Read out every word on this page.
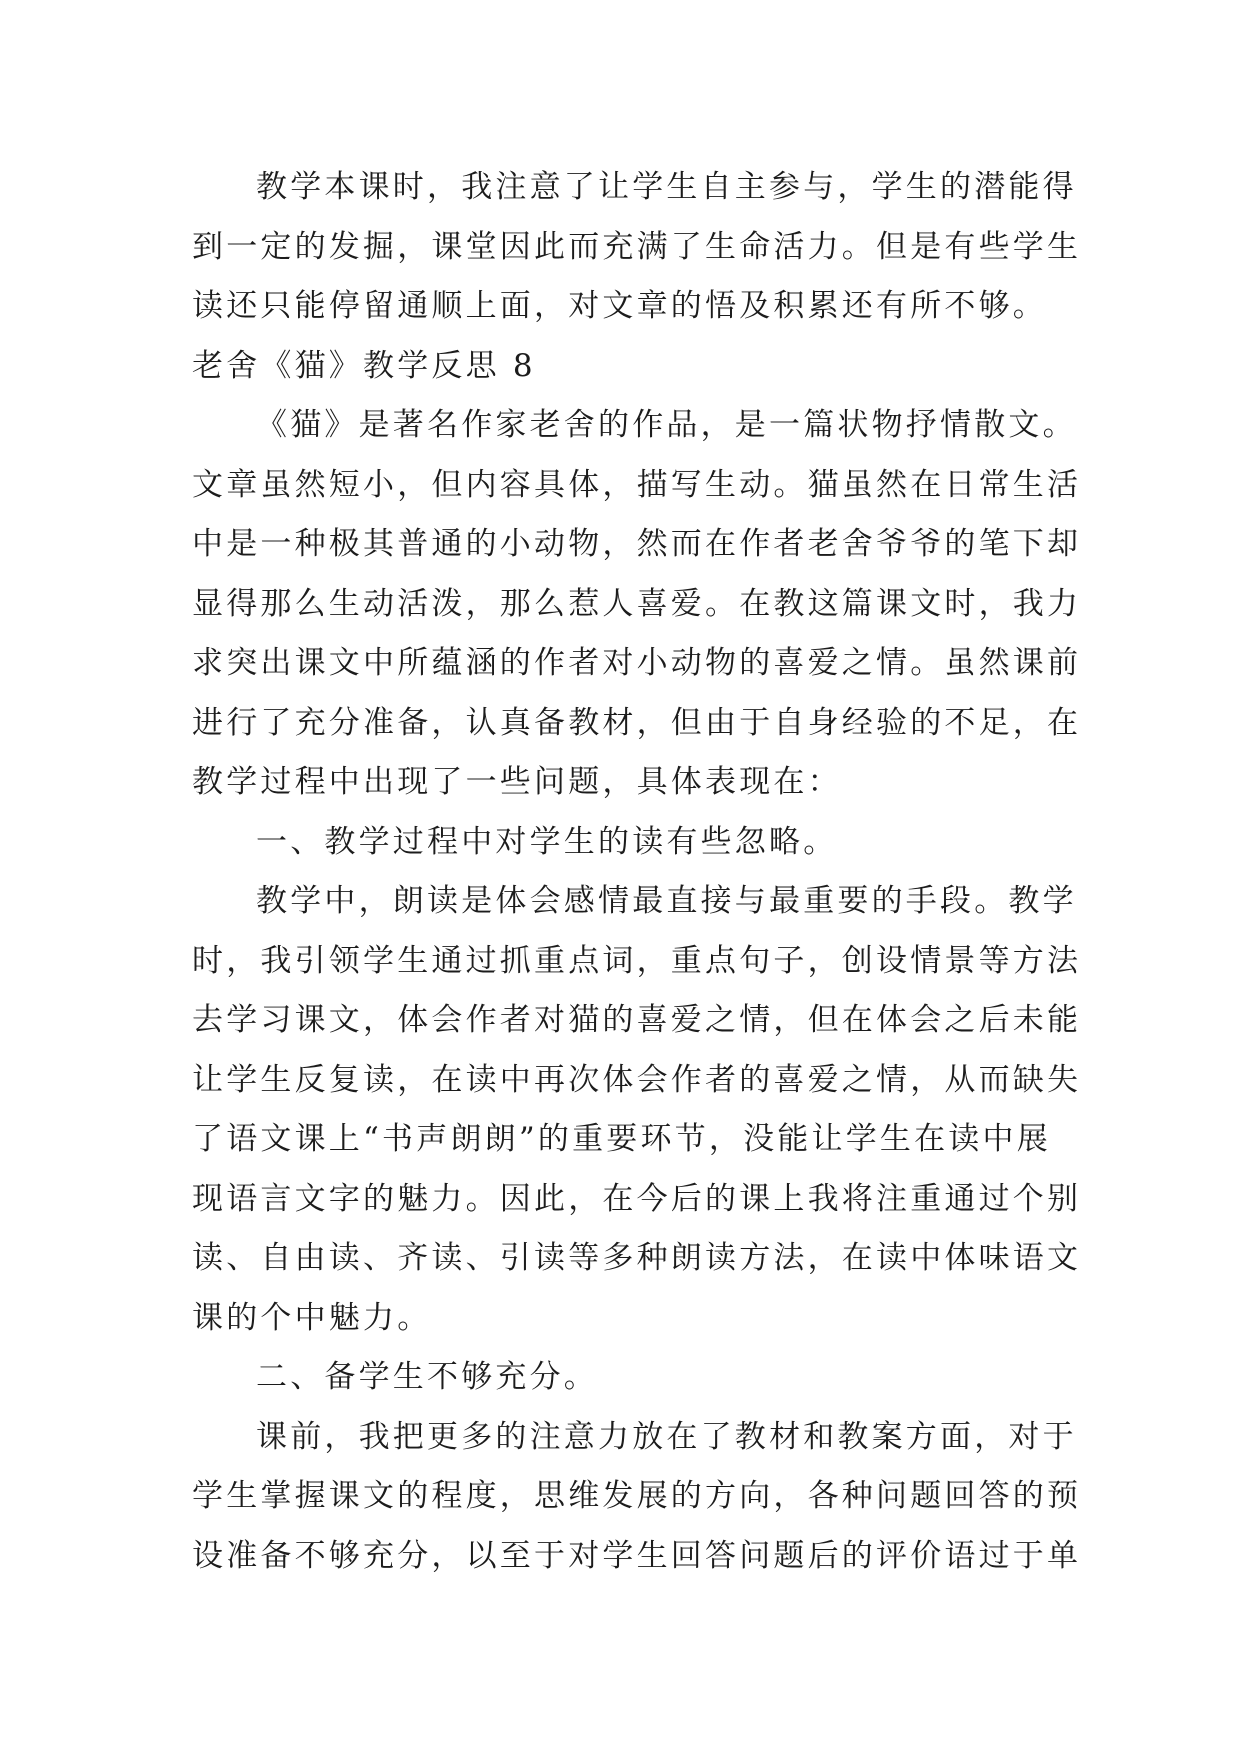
教学本课时，我注意了让学生自主参与，学生的潜能得
到一定的发掘，课堂因此而充满了生命活力。但是有些学生
读还只能停留通顺上面，对文章的悟及积累还有所不够。
老舍《猫》教学反思 8
《猫》是著名作家老舍的作品，是一篇状物抒情散文。
文章虽然短小，但内容具体，描写生动。猫虽然在日常生活
中是一种极其普通的小动物，然而在作者老舍爷爷的笔下却
显得那么生动活泼，那么惹人喜爱。在教这篇课文时，我力
求突出课文中所蕴涵的作者对小动物的喜爱之情。虽然课前
进行了充分准备，认真备教材，但由于自身经验的不足，在
教学过程中出现了一些问题，具体表现在：
一、教学过程中对学生的读有些忽略。
教学中，朗读是体会感情最直接与最重要的手段。教学
时，我引领学生通过抓重点词，重点句子，创设情景等方法
去学习课文，体会作者对猫的喜爱之情，但在体会之后未能
让学生反复读，在读中再次体会作者的喜爱之情，从而缺失
了语文课上“书声朗朗”的重要环节，没能让学生在读中展
现语言文字的魅力。因此，在今后的课上我将注重通过个别
读、自由读、齐读、引读等多种朗读方法，在读中体味语文
课的个中魅力。
二、备学生不够充分。
课前，我把更多的注意力放在了教材和教案方面，对于
学生掌握课文的程度，思维发展的方向，各种问题回答的预
设准备不够充分，以至于对学生回答问题后的评价语过于单
